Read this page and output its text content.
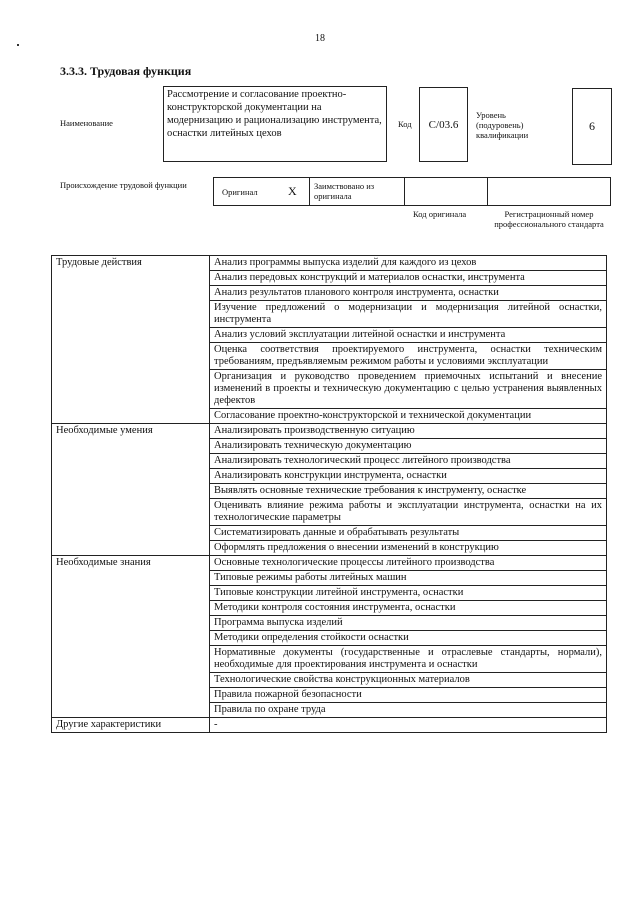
18
3.3.3. Трудовая функция
Наименование
Рассмотрение и согласование проектно-конструкторской документации на модернизацию и рационализацию инструмента, оснастки литейных цехов
Код	C/03.6
Уровень (подуровень) квалификации
6
Происхождение трудовой функции
Оригинал	X Заимствовано из оригинала
Код оригинала	Регистрационный номер профессионального стандарта
Трудовые действия	Анализ программы выпуска изделий для каждого из цехов
	Анализ передовых конструкций и материалов оснастки, инструмента
	Анализ результатов планового контроля инструмента, оснастки
	Изучение предложений о модернизации и модернизация литейной оснастки, инструмента
	Анализ условий эксплуатации литейной оснастки и инструмента
	Оценка соответствия проектируемого инструмента, оснастки техническим требованиям, предъявляемым режимом работы и условиями эксплуатации
	Организация и руководство проведением приемочных испытаний и внесение изменений в проекты и техническую документацию с целью устранения выявленных дефектов
	Согласование проектно-конструкторской и технической документации
Необходимые умения	Анализировать производственную ситуацию
	Анализировать техническую документацию
	Анализировать технологический процесс литейного производства
	Анализировать конструкции инструмента, оснастки
	Выявлять основные технические требования к инструменту, оснастке
	Оценивать влияние режима работы и эксплуатации инструмента, оснастки на их технологические параметры
	Систематизировать данные и обрабатывать результаты
	Оформлять предложения о внесении изменений в конструкцию
Необходимые знания	Основные технологические процессы литейного производства
	Типовые режимы работы литейных машин
	Типовые конструкции литейной инструмента, оснастки
	Методики контроля состояния инструмента, оснастки
	Программа выпуска изделий
	Методики определения стойкости оснастки
	Нормативные документы (государственные и отраслевые стандарты, нормали), необходимые для проектирования инструмента и оснастки
	Технологические свойства конструкционных материалов
	Правила пожарной безопасности
	Правила по охране труда
Другие характеристики	-
